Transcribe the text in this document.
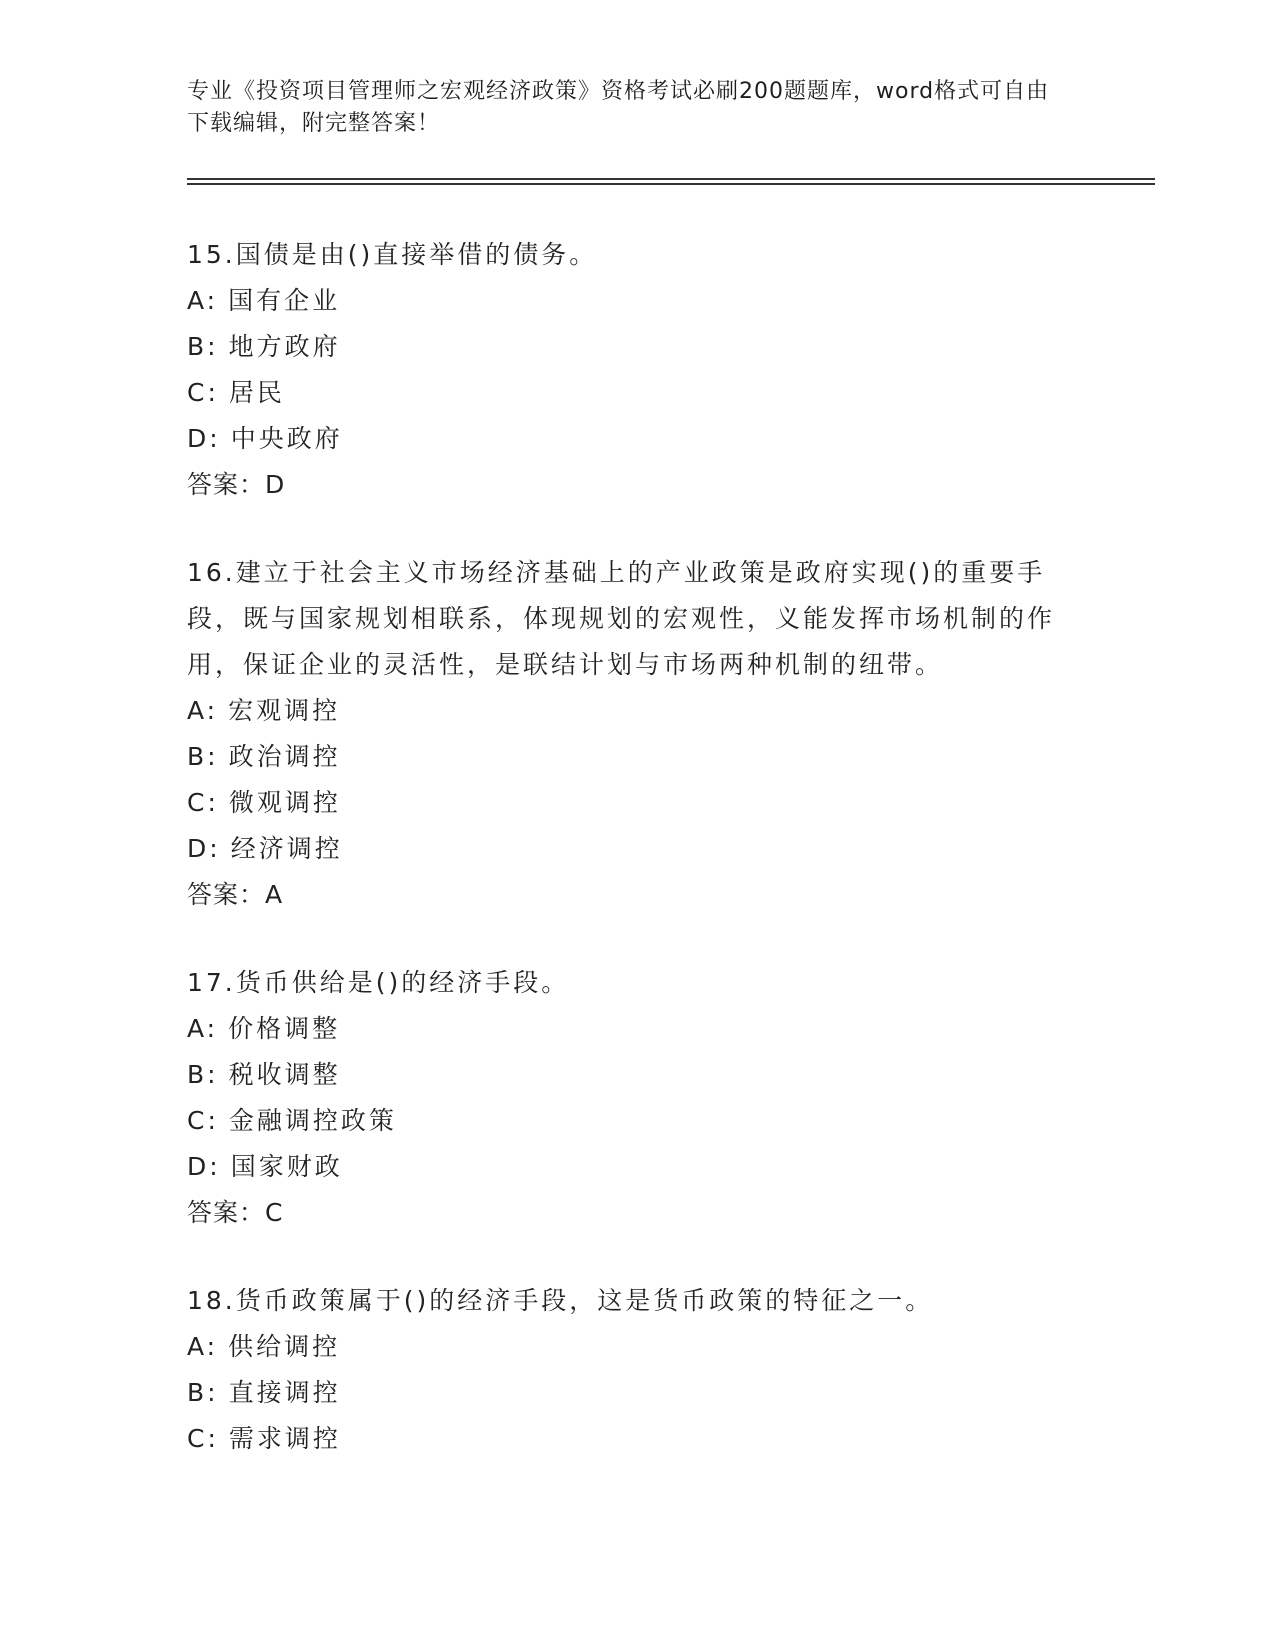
专业《投资项目管理师之宏观经济政策》资格考试必刷200题题库，word格式可自由下载编辑，附完整答案！
15.国债是由()直接举借的债务。
A: 国有企业
B: 地方政府
C: 居民
D: 中央政府
答案：D
16.建立于社会主义市场经济基础上的产业政策是政府实现()的重要手段，既与国家规划相联系，体现规划的宏观性，义能发挥市场机制的作用，保证企业的灵活性，是联结计划与市场两种机制的纽带。
A: 宏观调控
B: 政治调控
C: 微观调控
D: 经济调控
答案：A
17.货币供给是()的经济手段。
A: 价格调整
B: 税收调整
C: 金融调控政策
D: 国家财政
答案：C
18.货币政策属于()的经济手段，这是货币政策的特征之一。
A: 供给调控
B: 直接调控
C: 需求调控
